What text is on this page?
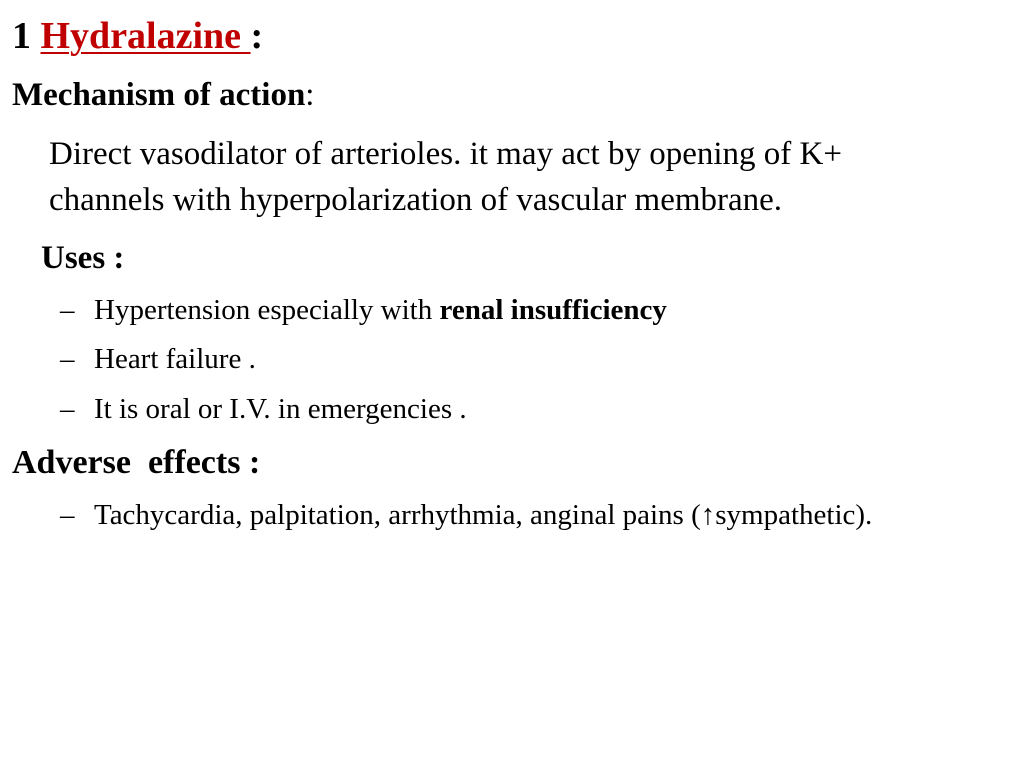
1 Hydralazine :
Mechanism of action:
Direct vasodilator of arterioles. it may act by opening of K+
channels with hyperpolarization of vascular membrane.
Uses :
– Hypertension especially with renal insufficiency
– Heart failure .
– It is oral or I.V. in emergencies .
Adverse  effects :
– Tachycardia, palpitation, arrhythmia, anginal pains (↑sympathetic).
